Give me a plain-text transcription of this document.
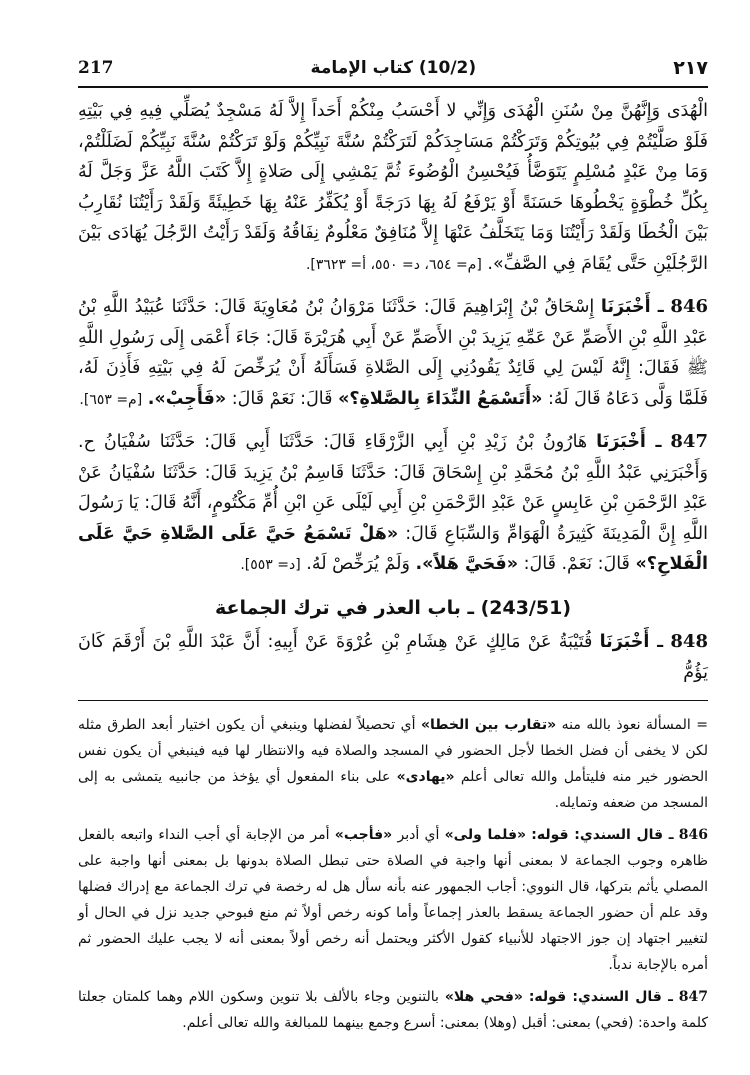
217	(10/2) كتاب الإمامة	٢١٧

الْهُدَى وَإِنَّهُنَّ مِنْ سُنَنِ الْهُدَى وَإِنِّي لا أَحْسَبُ مِنْكُمْ أَحَداً إِلاَّ لَهُ مَسْجِدٌ يُصَلِّي فِيهِ فِي بَيْتِهِ فَلَوْ صَلَّيْتُمْ فِي بُيُوتِكُمْ وَتَرَكْتُمْ مَسَاجِدَكُمْ لَتَرَكْتُمْ سُنَّةَ نَبِيِّكُمْ وَلَوْ تَرَكْتُمْ سُنَّةَ نَبِيِّكُمْ لَضَلَلْتُمْ، وَمَا مِنْ عَبْدٍ مُسْلِمٍ يَتَوَضَّأُ فَيُحْسِنُ الْوُضُوءَ ثُمَّ يَمْشِي إِلَى صَلاةٍ إِلاَّ كَتَبَ اللَّهُ عَزَّ وَجَلَّ لَهُ بِكُلِّ خُطْوَةٍ يَخْطُوهَا حَسَنَةً أَوْ يَرْفَعُ لَهُ بِهَا دَرَجَةً أَوْ يُكَفِّرُ عَنْهُ بِهَا خَطِيئَةً وَلَقَدْ رَأَيْتُنَا نُقَارِبُ بَيْنَ الْخُطَا وَلَقَدْ رَأَيْتُنَا وَمَا يَتَخَلَّفُ عَنْهَا إِلاَّ مُنَافِقٌ مَعْلُومٌ نِفَاقُهُ وَلَقَدْ رَأَيْتُ الرَّجُلَ يُهَادَى بَيْنَ الرَّجُلَيْنِ حَتَّى يُقَامَ فِي الصَّفِّ». [م= ٦٥٤، د= ٥٥٠، أ= ٣٦٢٣].

846 ـ أَخْبَرَنَا إِسْحَاقُ بْنُ إِبْرَاهِيمَ قَالَ: حَدَّثَنَا مَرْوَانُ بْنُ مُعَاوِيَةَ قَالَ: حَدَّثَنَا عُبَيْدُ اللَّهِ بْنُ عَبْدِ اللَّهِ بْنِ الأَصَمِّ عَنْ عَمِّهِ يَزِيدَ بْنِ الأَصَمِّ عَنْ أَبِي هُرَيْرَةَ قَالَ: جَاءَ أَعْمَى إِلَى رَسُولِ اللَّهِ ﷺ فَقَالَ: إِنَّهُ لَيْسَ لِي قَائِدٌ يَقُودُنِي إِلَى الصَّلاةِ فَسَأَلَهُ أَنْ يُرَخِّصَ لَهُ فِي بَيْتِهِ فَأَذِنَ لَهُ، فَلَمَّا وَلَّى دَعَاهُ قَالَ لَهُ: «أَتَسْمَعُ النِّدَاءَ بِالصَّلاةِ؟» قَالَ: نَعَمْ قَالَ: «فَأَجِبْ». [م= ٦٥٣].

847 ـ أَخْبَرَنَا هَارُونُ بْنُ زَيْدِ بْنِ أَبِي الزَّرْقَاءِ قَالَ: حَدَّثَنَا أَبِي قَالَ: حَدَّثَنَا سُفْيَانُ ح. وَأَخْبَرَنِي عَبْدُ اللَّهِ بْنُ مُحَمَّدِ بْنِ إِسْحَاقَ قَالَ: حَدَّثَنَا قَاسِمُ بْنُ يَزِيدَ قَالَ: حَدَّثَنَا سُفْيَانُ عَنْ عَبْدِ الرَّحْمَنِ بْنِ عَابِسٍ عَنْ عَبْدِ الرَّحْمَنِ بْنِ أَبِي لَيْلَى عَنِ ابْنِ أُمِّ مَكْتُومٍ، أَنَّهُ قَالَ: يَا رَسُولَ اللَّهِ إِنَّ الْمَدِينَةَ كَثِيرَةُ الْهَوَامِّ وَالسِّبَاعِ قَالَ: «هَلْ تَسْمَعُ حَيَّ عَلَى الصَّلاةِ حَيَّ عَلَى الْفَلاحِ؟» قَالَ: نَعَمْ. قَالَ: «فَحَيَّ هَلاً». وَلَمْ يُرَخِّصْ لَهُ. [د= ٥٥٣].

(243/51) ـ باب العذر في ترك الجماعة

848 ـ أَخْبَرَنَا قُتَيْبَةُ عَنْ مَالِكٍ عَنْ هِشَامِ بْنِ عُرْوَةَ عَنْ أَبِيهِ: أَنَّ عَبْدَ اللَّهِ بْنَ أَرْقَمَ كَانَ يَؤُمُّ

= المسألة نعوذ بالله منه «تقارب بين الخطا» أي تحصيلاً لفضلها وينبغي أن يكون اختيار أبعد الطرق مثله لكن لا يخفى أن فضل الخطا لأجل الحضور في المسجد والصلاة فيه والانتظار لها فيه فينبغي أن يكون نفس الحضور خير منه فليتأمل والله تعالى أعلم «يهادى» على بناء المفعول أي يؤخذ من جانبيه يتمشى به إلى المسجد من ضعفه وتمايله.

846 ـ قال السندي: قوله: «فلما ولى» أي أدبر «فأجب» أمر من الإجابة أي أجب النداء واتبعه بالفعل ظاهره وجوب الجماعة لا بمعنى أنها واجبة في الصلاة حتى تبطل الصلاة بدونها بل بمعنى أنها واجبة على المصلي يأثم بتركها، قال النووي: أجاب الجمهور عنه بأنه سأل هل له رخصة في ترك الجماعة مع إدراك فضلها وقد علم أن حضور الجماعة يسقط بالعذر إجماعاً وأما كونه رخص أولاً ثم منع فبوحي جديد نزل في الحال أو لتغيير اجتهاد إن جوز الاجتهاد للأنبياء كقول الأكثر ويحتمل أنه رخص أولاً بمعنى أنه لا يجب عليك الحضور ثم أمره بالإجابة ندباً.

847 ـ قال السندي: قوله: «فحي هلا» بالتنوين وجاء بالألف بلا تنوين وسكون اللام وهما كلمتان جعلتا كلمة واحدة: (فحي) بمعنى: أقبل (وهلا) بمعنى: أسرع وجمع بينهما للمبالغة والله تعالى أعلم.
